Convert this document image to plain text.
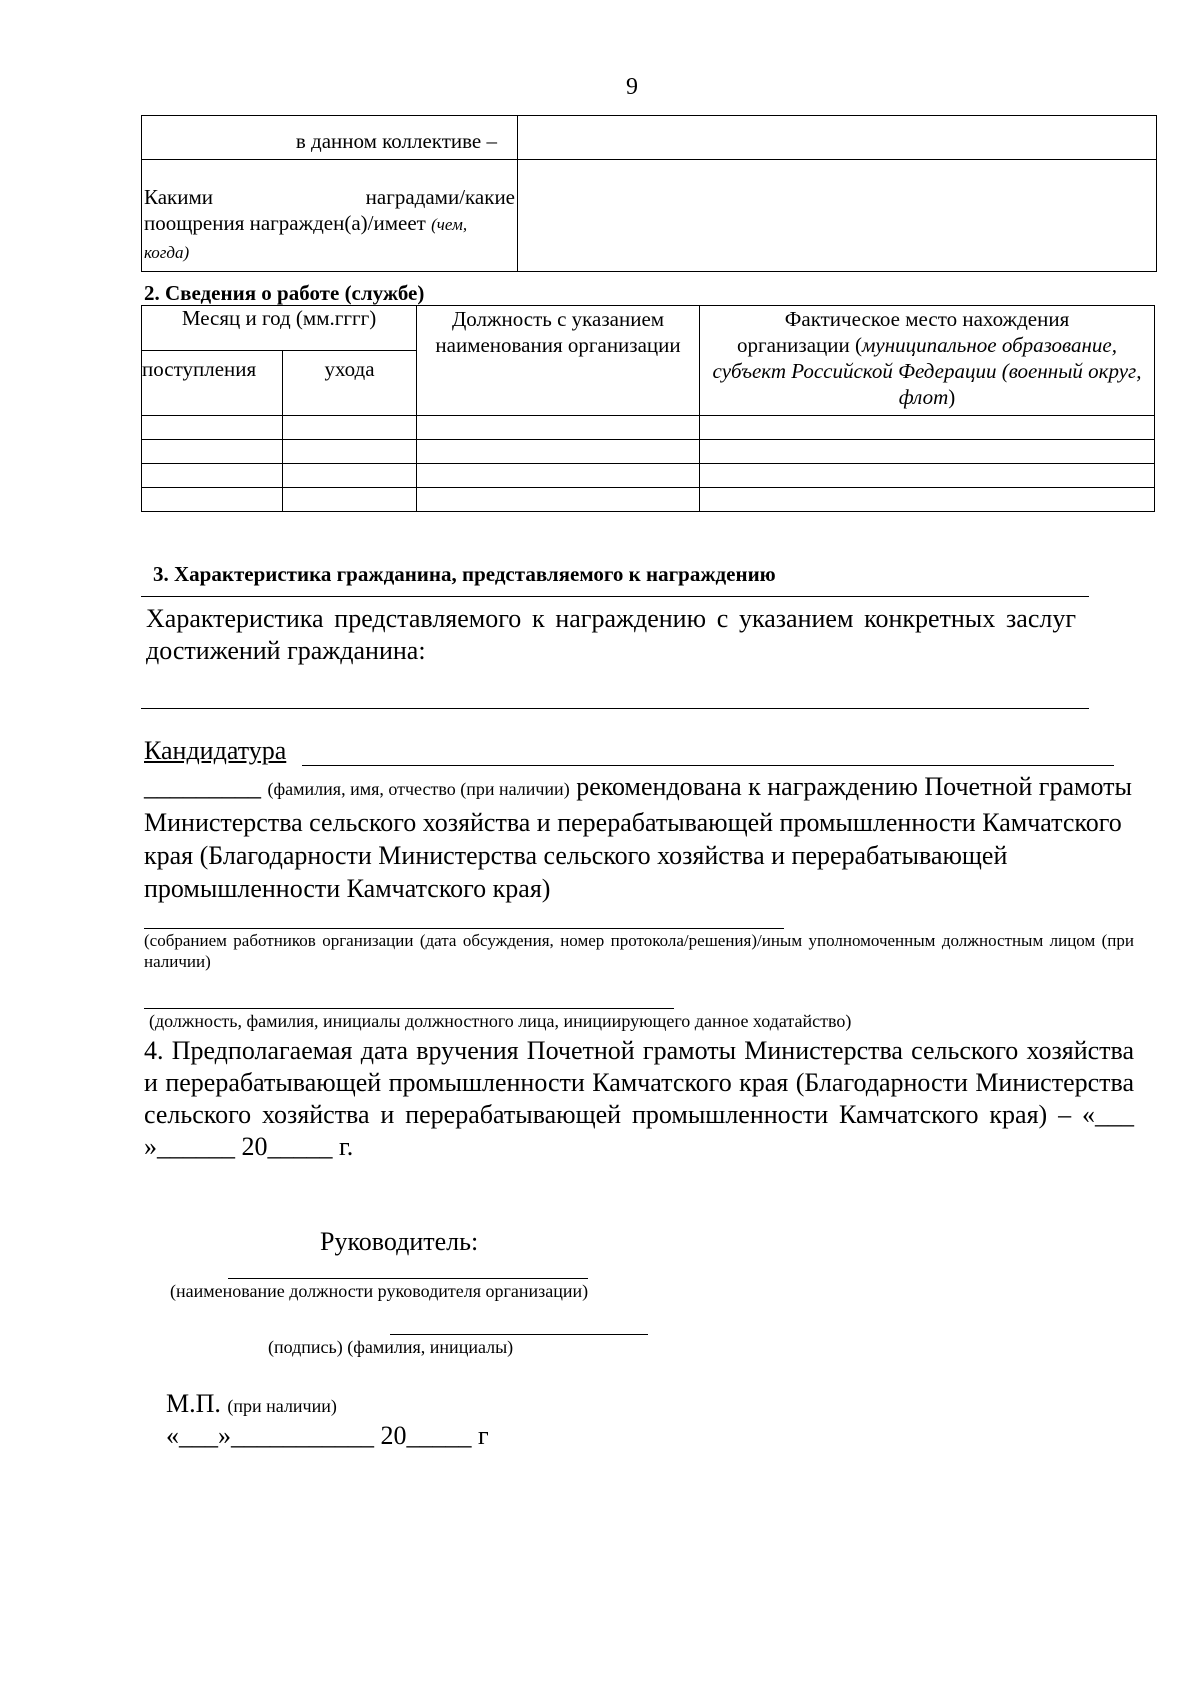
9
в данном коллективе –	

Какими наградами/какие
поощрения награжден(а)/имеет (чем,
когда)	

2. Сведения о работе (службе)
Месяц и год (мм.гггг)		Должность с указанием наименования организации	Фактическое место нахождения
организации (муниципальное образование, субъект Российской Федерации (военный округ, флот)

поступления	ухода		

3. Характеристика гражданина, представляемого к награждению
Характеристика представляемого к награждению с указанием конкретных заслуг достижений гражданина:
Кандидатура
_________ (фамилия, имя, отчество (при наличии) рекомендована к награждению Почетной грамоты Министерства сельского хозяйства и перерабатывающей промышленности Камчатского края (Благодарности Министерства сельского хозяйства и перерабатывающей промышленности Камчатского края)
(собранием работников организации (дата обсуждения, номер протокола/решения)/иным уполномоченным должностным лицом (при наличии)
(должность, фамилия, инициалы должностного лица, инициирующего данное ходатайство)
4. Предполагаемая дата вручения Почетной грамоты Министерства сельского хозяйства и перерабатывающей промышленности Камчатского края (Благодарности Министерства сельского хозяйства и перерабатывающей промышленности Камчатского края) – «___ »______ 20_____ г.
Руководитель:
(наименование должности руководителя организации)
(подпись) (фамилия, инициалы)
М.П. (при наличии)
«___»___________ 20_____ г
